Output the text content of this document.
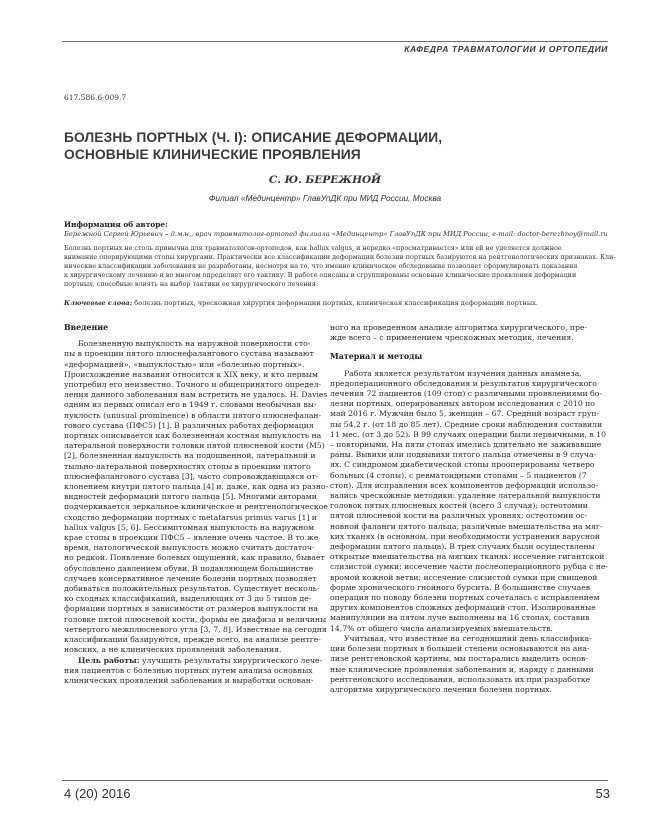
КАФЕДРА ТРАВМАТОЛОГИИ И ОРТОПЕДИИ
617.586.6-009.7
БОЛЕЗНЬ ПОРТНЫХ (Ч. I): ОПИСАНИЕ ДЕФОРМАЦИИ,
ОСНОВНЫЕ КЛИНИЧЕСКИЕ ПРОЯВЛЕНИЯ
С. Ю. БЕРЕЖНОЙ
Филиал «Мединцентр» ГлавУпДК при МИД России, Москва
Информация об авторе:
Бережной Сергей Юрьевич – д.м.н., врач травматолог-ортопед филиала «Мединцентр» ГлавУпДК при МИД России, e-mail: doctor-berezhnoy@mail.ru
Болезнь портных не столь привычна для травматологов-ортопедов, как hallux valgus, и нередко «просматривается» или ей не уделяется должное
внимание оперирующими стопы хирургами. Практически все классификации деформации болезни портных базируются на рентгенологических признаках. Кли-
нические классификации заболевания не разработаны, несмотря на то, что именно клиническое обследование позволяет сформулировать показания
к хирургическому лечению и во многом определяет его тактику. В работе описаны и сгруппированы основные клинические проявления деформации
портных, способные влиять на выбор тактики ее хирургического лечения.
Ключевые слова: болезнь портных, чрескожная хирургия деформации портных, клиническая классификация деформации портных.
Введение
Болезненную выпуклость на наружной поверхности сто-
пы в проекции пятого плюснефалангового сустава называют
«деформацией», «выпуклостью» или «болезнью портных».
Происхождение названия относится к XIX веку, и кто первым
употребил его неизвестно. Точного и общепринятого определ-
ления данного заболевания нам встретить не удалось. H. Davies
одним из первых описал его в 1949 г. словами необычная вы-
пуклость (unusual prominence) в области пятого плюснефалан-
гового сустава (ПФС5) [1]. В различных работах деформация
портных описывается как болезненная костная выпуклость на
латеральной поверхности головки пятой плюсневой кости (М5)
[2], болезненная выпуклость на подошвенной, латеральной и
тыльно-латеральной поверхностях стопы в проекции пятого
плюснефалангового сустава [3], часто сопровождающаяся от-
клонением кнутри пятого пальца [4] и, даже, как одна из разно-
видностей деформаций пятого пальца [5]. Многими авторами
подчеркивается зеркальное клиническое и рентгенологическое
сходство деформации портных с metatarsus primus varus [1] и
hallux valgus [5, 6]. Бессимптомная выпуклость на наружном
крае стопы в проекции ПФС5 – явление очень частое. В то же
время, патологической выпуклость можно считать достаточ-
но редкой. Появление болевых ощущений, как правило, бывает
обусловлено давлением обуви. В подавляющем большинстве
случаев консервативное лечение болезни портных позволяет
добиваться положительных результатов. Существует несколь-
ко сходных классификаций, выделяющих от 3 до 5 типов де-
формации портных в зависимости от размеров выпуклости на
головке пятой плюсневой кости, формы ее диафиза и величины
четвертого межплюсневого угла [3, 7, 8]. Известные на сегодня
классификации базируются, прежде всего, на анализе рентге-
новских, а не клинических проявлений заболевания.
Цель работы: улучшить результаты хирургического лече-
ния пациентов с болезнью портных путем анализа основных
клинических проявлений заболевания и выработки основан-
ного на проведенном анализе алгоритма хирургического, пре-
жде всего – с применением чрескожных методик, лечения.
Материал и методы
Работа является результатом изучения данных анамнеза,
предоперационного обследования и результатов хирургического
лечения 72 пациентов (109 стоп) с различными проявлениями бо-
лезни портных, оперированных автором исследования с 2010 по
май 2016 г. Мужчин было 5, женщин – 67. Средний возраст груп-
пы 54,2 г. (от 18 до 85 лет). Средние сроки наблюдения составили
11 мес. (от 3 до 52). В 99 случаях операции были первичными, в 10
– повторными. На пяти стопах имелись длительно не заживавшие
раны. Вывихи или подвывихи пятого пальца отмечены в 9 случа-
ях. С синдромом диабетической стопы прооперированы четверо
больных (4 стопы), с ревматоидными стопами – 5 пациентов (7
стоп). Для исправления всех компонентов деформаций использо-
вались чрескожные методики: удаление латеральной выпуклости
головок пятых плюсневых костей (всего 3 случая); остеотомии
пятой плюсневой кости на различных уровнях; остеотомии ос-
новной фаланги пятого пальца; различные вмешательства на мяг-
ких тканях (в основном, при необходимости устранения варусной
деформации пятого пальца). В трех случаях были осуществлены
открытые вмешательства на мягких тканях: иссечение гигантской
слизистой сумки; иссечение части послеоперационного рубца с не-
вромой кожной ветви; иссечение слизистой сумки при свищевой
форме хронического гнойного бурсита. В большинстве случаев
операция по поводу болезни портных сочеталась с исправлением
других компонентов сложных деформаций стоп. Изолированные
манипуляции на пятом луче выполнены на 16 стопах, составив
14,7% от общего числа анализируемых вмешательств.
Учитывая, что известные на сегодняшний день классифика-
ции болезни портных в большей степени основываются на ана-
лизе рентгеновской картины, мы постарались выделить основ-
ные клинические проявления заболевания и, наряду с данными
рентгеновского исследования, использовать их при разработке
алгоритма хирургического лечения болезни портных.
4 (20) 2016	53
